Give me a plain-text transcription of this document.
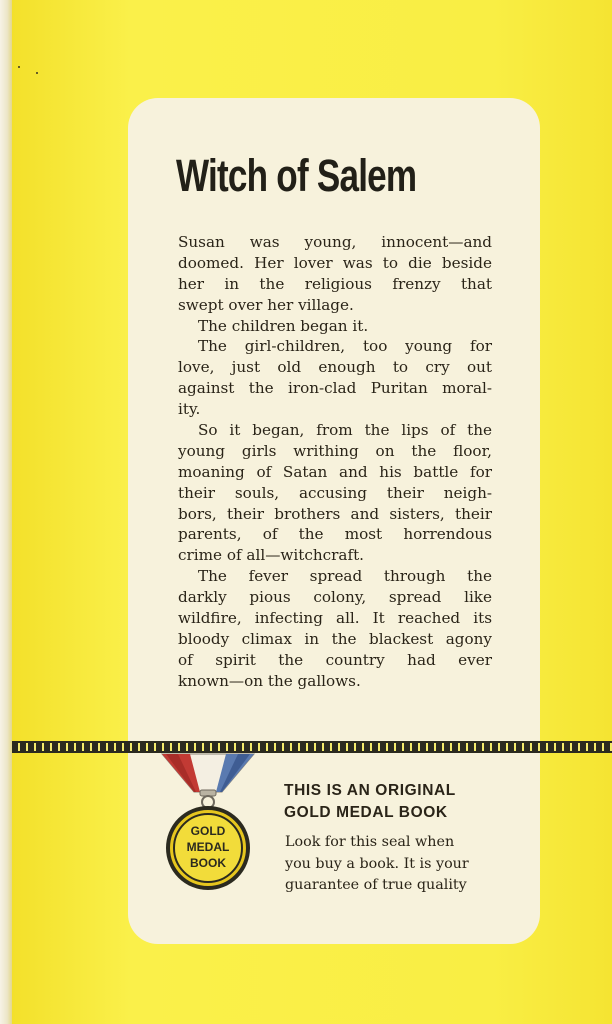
Witch of Salem
Susan was young, innocent—and
doomed. Her lover was to die beside
her in the religious frenzy that
swept over her village.
The children began it.
The girl-children, too young for
love, just old enough to cry out
against the iron-clad Puritan moral-
ity.
So it began, from the lips of the
young girls writhing on the floor,
moaning of Satan and his battle for
their souls, accusing their neigh-
bors, their brothers and sisters, their
parents, of the most horrendous
crime of all—witchcraft.
The fever spread through the
darkly pious colony, spread like
wildfire, infecting all. It reached its
bloody climax in the blackest agony
of spirit the country had ever
known—on the gallows.
GOLD
MEDAL
BOOK
THIS IS AN ORIGINAL
GOLD MEDAL BOOK

Look for this seal when
you buy a book. It is your
guarantee of true quality
